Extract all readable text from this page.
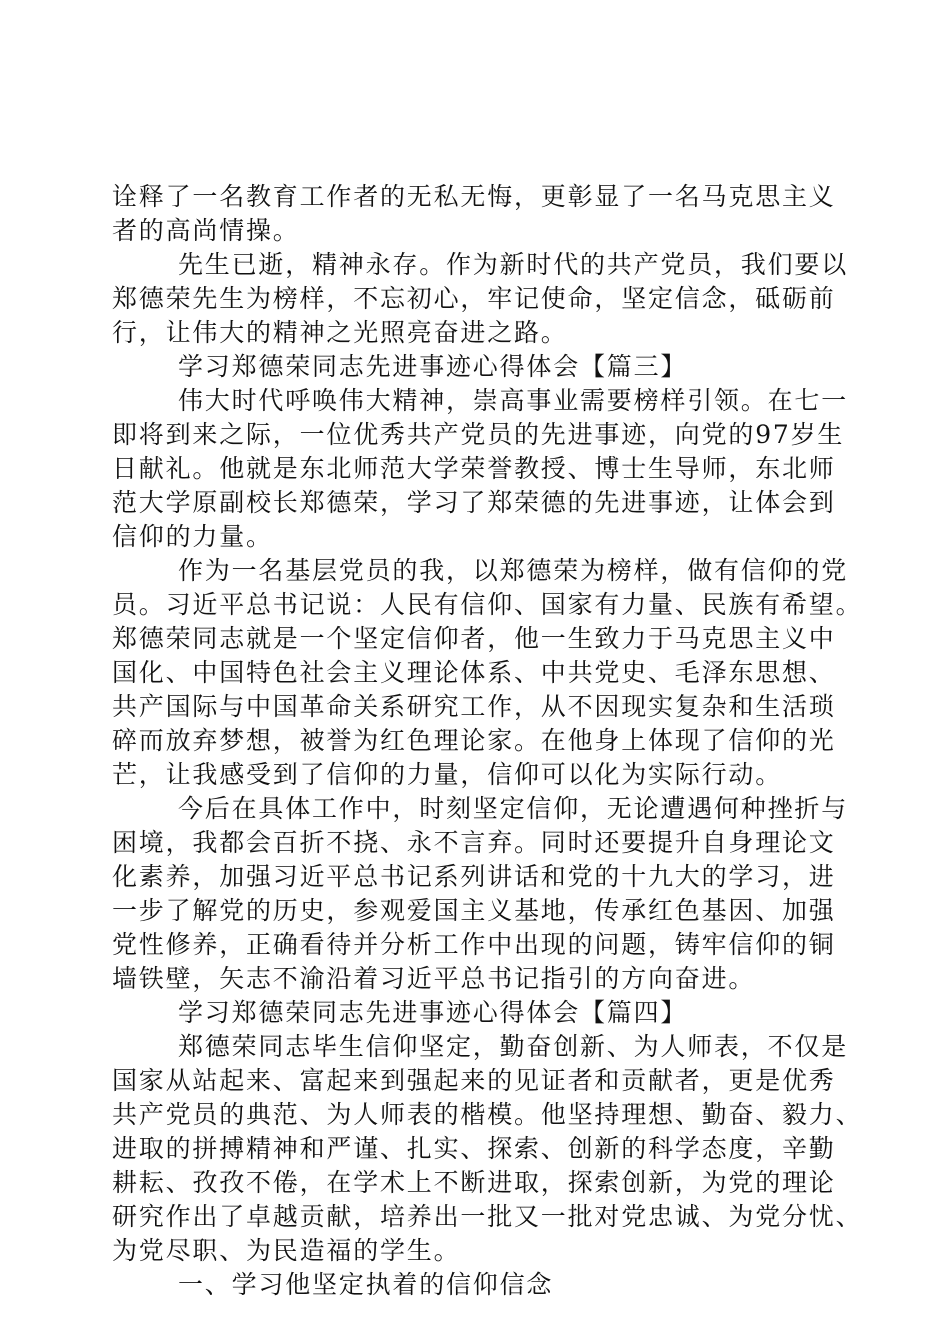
诠释了一名教育工作者的无私无悔，更彰显了一名马克思主义
者的高尚情操。
先生已逝，精神永存。作为新时代的共产党员，我们要以
郑德荣先生为榜样，不忘初心，牢记使命，坚定信念，砥砺前
行，让伟大的精神之光照亮奋进之路。
学习郑德荣同志先进事迹心得体会【篇三】
伟大时代呼唤伟大精神，崇高事业需要榜样引领。在七一
即将到来之际，一位优秀共产党员的先进事迹，向党的97岁生
日献礼。他就是东北师范大学荣誉教授、博士生导师，东北师
范大学原副校长郑德荣，学习了郑荣德的先进事迹，让体会到
信仰的力量。
作为一名基层党员的我，以郑德荣为榜样，做有信仰的党
员。习近平总书记说：人民有信仰、国家有力量、民族有希望。
郑德荣同志就是一个坚定信仰者，他一生致力于马克思主义中
国化、中国特色社会主义理论体系、中共党史、毛泽东思想、
共产国际与中国革命关系研究工作，从不因现实复杂和生活琐
碎而放弃梦想，被誉为红色理论家。在他身上体现了信仰的光
芒，让我感受到了信仰的力量，信仰可以化为实际行动。
今后在具体工作中，时刻坚定信仰，无论遭遇何种挫折与
困境，我都会百折不挠、永不言弃。同时还要提升自身理论文
化素养，加强习近平总书记系列讲话和党的十九大的学习，进
一步了解党的历史，参观爱国主义基地，传承红色基因、加强
党性修养，正确看待并分析工作中出现的问题，铸牢信仰的铜
墙铁壁，矢志不渝沿着习近平总书记指引的方向奋进。
学习郑德荣同志先进事迹心得体会【篇四】
郑德荣同志毕生信仰坚定，勤奋创新、为人师表，不仅是
国家从站起来、富起来到强起来的见证者和贡献者，更是优秀
共产党员的典范、为人师表的楷模。他坚持理想、勤奋、毅力、
进取的拼搏精神和严谨、扎实、探索、创新的科学态度，辛勤
耕耘、孜孜不倦，在学术上不断进取，探索创新，为党的理论
研究作出了卓越贡献，培养出一批又一批对党忠诚、为党分忧、
为党尽职、为民造福的学生。
一、学习他坚定执着的信仰信念
